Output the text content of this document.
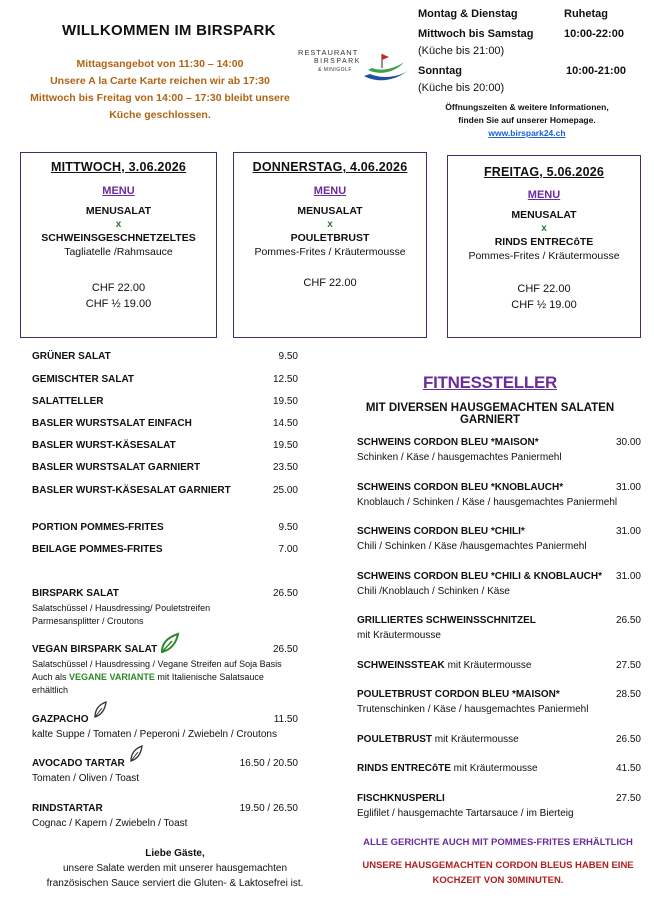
WILLKOMMEN IM BIRSPARK
Mittagsangebot von 11:30 – 14:00
Unsere A la Carte Karte reichen wir ab 17:30
Mittwoch bis Freitag von 14:00 – 17:30 bleibt unsere
Küche geschlossen.
RESTAURANT
BIRSPARK
& MINIGOLF
Montag & Dienstag	Ruhetag
Mittwoch bis Samstag	10:00-22:00
(Küche bis 21:00)
Sonntag	10:00-21:00
(Küche bis 20:00)
Öffnungszeiten & weitere Informationen,
finden Sie auf unserer Homepage.
www.birspark24.ch
MITTWOCH, 3.06.2026
MENU
MENUSALAT
x
SCHWEINSGESCHNETZELTES
Tagliatelle /Rahmsauce
CHF 22.00
CHF ½ 19.00
DONNERSTAG, 4.06.2026
MENU
MENUSALAT
x
POULETBRUST
Pommes-Frites / Kräutermousse
CHF 22.00
FREITAG, 5.06.2026
MENU
MENUSALAT
x
RINDS ENTRECôTE
Pommes-Frites / Kräutermousse
CHF 22.00
CHF ½ 19.00
GRÜNER SALAT	9.50
GEMISCHTER SALAT	12.50
SALATTELLER	19.50
BASLER WURSTSALAT EINFACH	14.50
BASLER WURST-KÄSESALAT	19.50
BASLER WURSTSALAT GARNIERT	23.50
BASLER WURST-KÄSESALAT GARNIERT	25.00
PORTION POMMES-FRITES	9.50
BEILAGE POMMES-FRITES	7.00
BIRSPARK SALAT	26.50
Salatschüssel / Hausdressing/ Pouletstreifen
Parmesansplitter / Croutons
VEGAN BIRSPARK SALAT	26.50
Salatschüssel / Hausdressing / Vegane Streifen auf Soja Basis
Auch als VEGANE VARIANTE mit Italienische Salatsauce
erhältlich
GAZPACHO	11.50
kalte Suppe / Tomaten / Peperoni / Zwiebeln / Croutons
AVOCADO TARTAR	16.50 / 20.50
Tomaten / Oliven / Toast
RINDSTARTAR	19.50 / 26.50
Cognac / Kapern / Zwiebeln / Toast
Liebe Gäste,
unsere Salate werden mit unserer hausgemachten
französischen Sauce serviert die Gluten- & Laktosefrei ist.
FITNESSTELLER
MIT DIVERSEN HAUSGEMACHTEN SALATEN GARNIERT
SCHWEINS CORDON BLEU *MAISON*	30.00
Schinken / Käse / hausgemachtes Paniermehl
SCHWEINS CORDON BLEU *KNOBLAUCH*	31.00
Knoblauch / Schinken / Käse / hausgemachtes Paniermehl
SCHWEINS CORDON BLEU *CHILI*	31.00
Chili / Schinken / Käse /hausgemachtes Paniermehl
SCHWEINS CORDON BLEU *CHILI & KNOBLAUCH*	31.00
Chili /Knoblauch / Schinken / Käse
GRILLIERTES SCHWEINSSCHNITZEL	26.50
mit Kräutermousse
SCHWEINSSTEAK mit Kräutermousse	27.50
POULETBRUST CORDON BLEU *MAISON*	28.50
Trutenschinken / Käse / hausgemachtes Paniermehl
POULETBRUST mit Kräutermousse	26.50
RINDS ENTRECôTE mit Kräutermousse	41.50
FISCHKNUSPERLI	27.50
Eglifilet / hausgemachte Tartarsauce / im Bierteig
ALLE GERICHTE AUCH MIT POMMES-FRITES ERHÄLTLICH
UNSERE HAUSGEMACHTEN CORDON BLEUS HABEN EINE
KOCHZEIT VON 30MINUTEN.
